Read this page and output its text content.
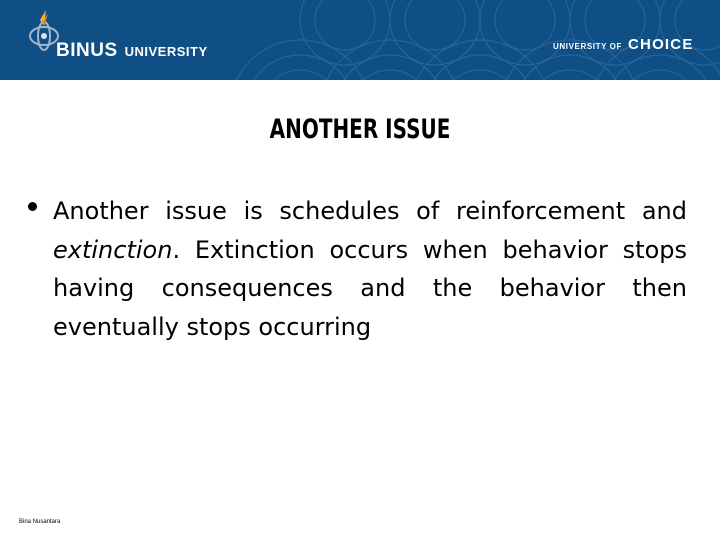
BINUS UNIVERSITY	UNIVERSITY OF CHOICE
ANOTHER ISSUE
Another issue is schedules of reinforcement and
extinction. Extinction occurs when behavior stops
having consequences and the behavior then
eventually stops occurring
Bina Nusantara
